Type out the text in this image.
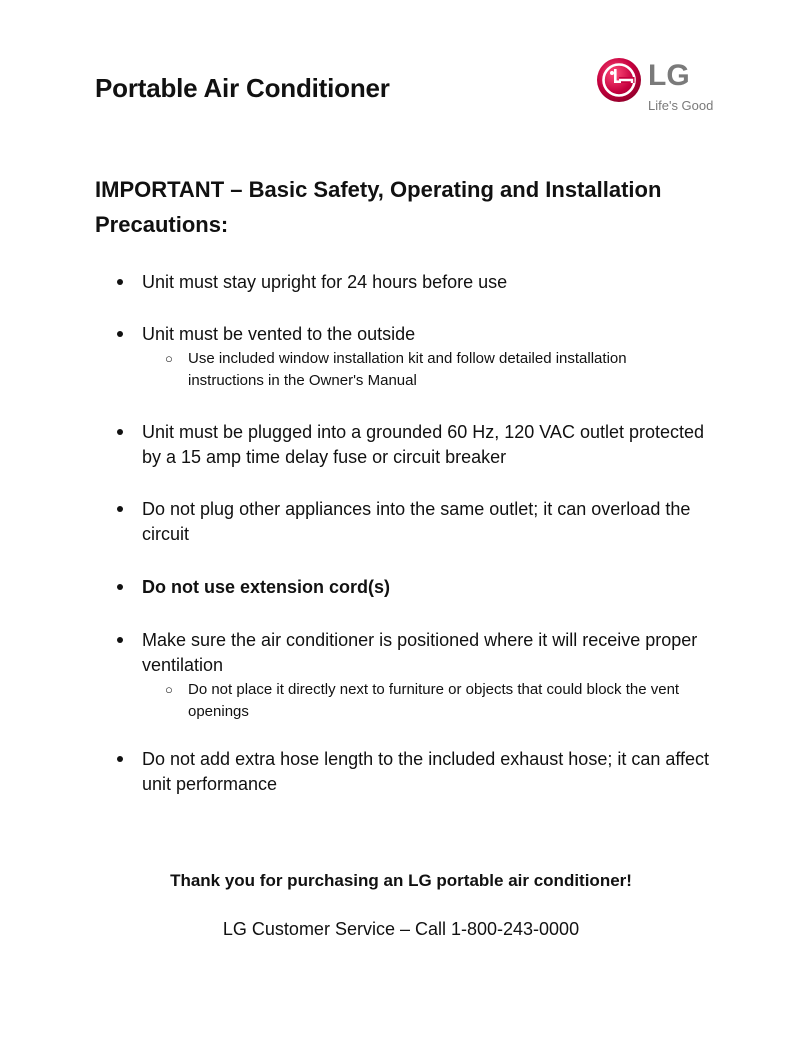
Portable Air Conditioner	LG
Life's Good
IMPORTANT – Basic Safety, Operating and Installation Precautions:
Unit must stay upright for 24 hours before use
Unit must be vented to the outside
○ Use included window installation kit and follow detailed installation instructions in the Owner's Manual
Unit must be plugged into a grounded 60 Hz, 120 VAC outlet protected by a 15 amp time delay fuse or circuit breaker
Do not plug other appliances into the same outlet; it can overload the circuit
Do not use extension cord(s)
Make sure the air conditioner is positioned where it will receive proper ventilation
○ Do not place it directly next to furniture or objects that could block the vent openings
Do not add extra hose length to the included exhaust hose; it can affect unit performance
Thank you for purchasing an LG portable air conditioner!
LG Customer Service – Call 1-800-243-0000
